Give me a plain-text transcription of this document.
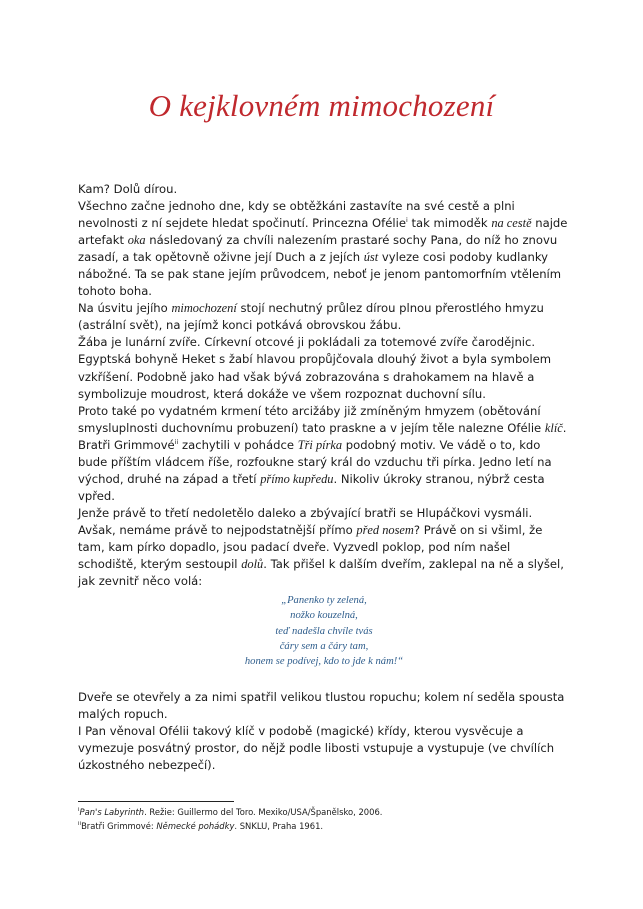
O kejklovném mimochození

Kam? Dolů dírou.

Všechno začne jednoho dne, kdy se obtěžkáni zastavíte na své cestě a plni nevolnosti z ní sejdete hledat spočinutí. Princezna Ofélie$^i$ tak mimoděk na cestě najde artefakt oka následovaný za chvíli nalezením prastaré sochy Pana, do níž ho znovu zasadí, a tak opětovně oživne její Duch a z jejích úst vyleze cosi podoby kudlanky nábožné. Ta se pak stane jejím průvodcem, neboť je jenom pantomorfním vtělením tohoto boha.

Na úsvitu jejího mimochození stojí nechutný průlez dírou plnou přerostlého hmyzu (astrální svět), na jejímž konci potkává obrovskou žábu.

Žába je lunární zvíře. Církevní otcové ji pokládali za totemové zvíře čarodějnic. Egyptská bohyně Heket s žabí hlavou propůjčovala dlouhý život a byla symbolem vzkříšení. Podobně jako had však bývá zobrazována s drahokamem na hlavě a symbolizuje moudrost, která dokáže ve všem rozpoznat duchovní sílu.

Proto také po vydatném krmení této arcižáby již zmíněným hmyzem (obětování smysluplnosti duchovnímu probuzení) tato praskne a v jejím těle nalezne Ofélie klíč.

Bratři Grimmové$^{ii}$ zachytili v pohádce Tři pírka podobný motiv. Ve vádě o to, kdo bude příštím vládcem říše, rozfoukne starý král do vzduchu tři pírka. Jedno letí na východ, druhé na západ a třetí přímo kupředu. Nikoliv úkroky stranou, nýbrž cesta vpřed.

Jenže právě to třetí nedoletělo daleko a zbývající bratři se Hlupáčkovi vysmáli. Avšak, nemáme právě to nejpodstatnější přímo před nosem? Právě on si všiml, že tam, kam pírko dopadlo, jsou padací dveře. Vyzvedl poklop, pod ním našel schodiště, kterým sestoupil dolů. Tak přišel k dalším dveřím, zaklepal na ně a slyšel, jak zevnitř něco volá:

„Panenko ty zelená,
nožko kouzelná,
teď nadešla chvíle tvás
čáry sem a čáry tam,
honem se podívej, kdo to jde k nám!“

Dveře se otevřely a za nimi spatřil velikou tlustou ropuchu; kolem ní seděla spousta malých ropuch.

I Pan věnoval Ofélii takový klíč v podobě (magické) křídy, kterou vysvěcuje a vymezuje posvátný prostor, do nějž podle libosti vstupuje a vystupuje (ve chvílích úzkostného nebezpečí).

$^i$Pan's Labyrinth. Režie: Guillermo del Toro. Mexiko/USA/Španělsko, 2006.
$^{ii}$Bratři Grimmové: Německé pohádky. SNKLU, Praha 1961.
